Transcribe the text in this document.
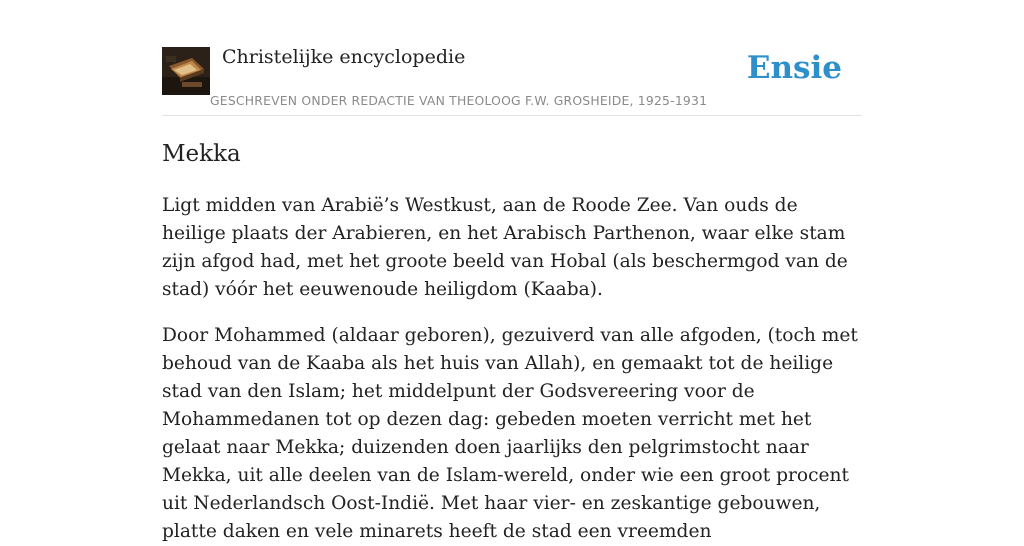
Christelijke encyclopedie
GESCHREVEN ONDER REDACTIE VAN THEOLOOG F.W. GROSHEIDE, 1925-1931
Ensie
Mekka

Ligt midden van Arabië’s Westkust, aan de Roode Zee. Van ouds de heilige plaats der Arabieren, en het Arabisch Parthenon, waar elke stam zijn afgod had, met het groote beeld van Hobal (als beschermgod van de stad) vóór het eeuwenoude heiligdom (Kaaba).

Door Mohammed (aldaar geboren), gezuiverd van alle afgoden, (toch met behoud van de Kaaba als het huis van Allah), en gemaakt tot de heilige stad van den Islam; het middelpunt der Godsvereering voor de Mohammedanen tot op dezen dag: gebeden moeten verricht met het gelaat naar Mekka; duizenden doen jaarlijks den pelgrimstocht naar Mekka, uit alle deelen van de Islam-wereld, onder wie een groot procent uit Nederlandsch Oost-Indië. Met haar vier- en zeskantige gebouwen, platte daken en vele minarets heeft de stad een vreemden
